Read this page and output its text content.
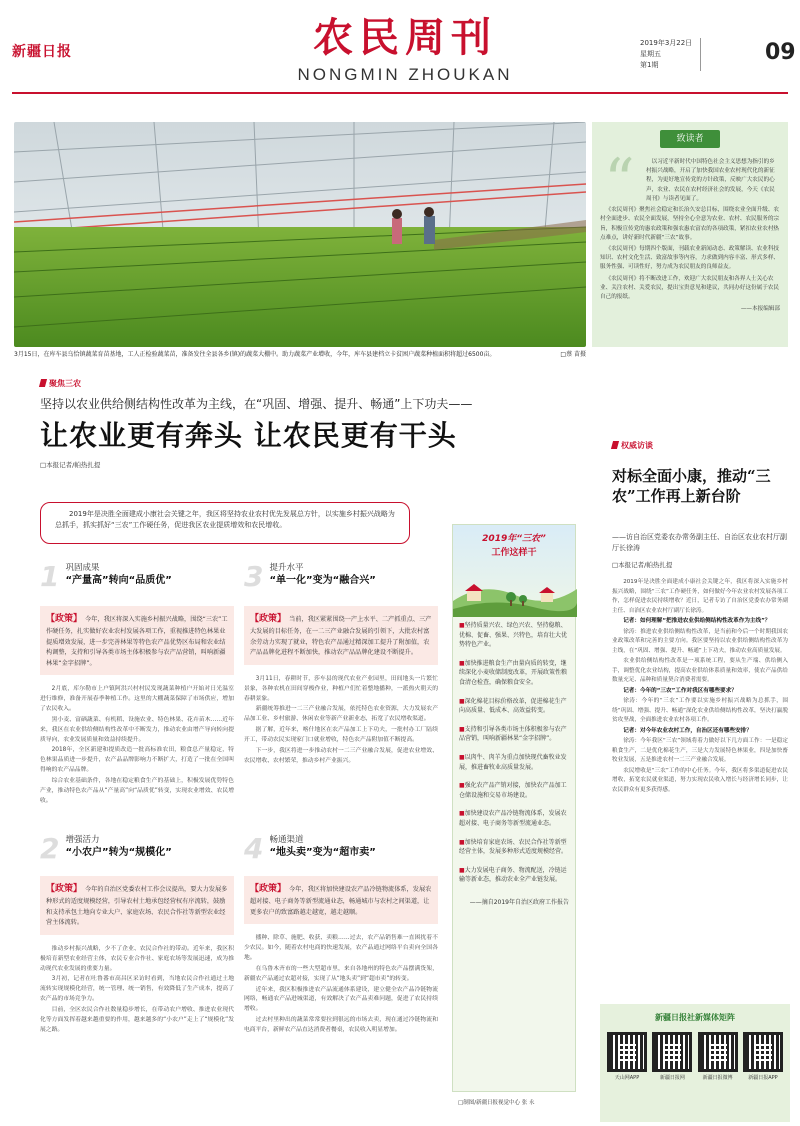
新疆日报	农民周刊
NONGMIN ZHOUKAN
2019年3月22日
星期五
第1期	09
3月15日，在库车县乌恰镇蔬菜育苗基地，工人正检验蔬菜苗，准备发往全县各乡(镇)的蔬菜大棚中。助力蔬菜产业增收，今年，库车县建档立卡贫困户蔬菜种植面积将超过6500亩。	□蔡 苗摄
致读者
“	以习近平新时代中国特色社会主义思想为指引的乡村振兴战略，开启了加快我国农业农村现代化的新征程，为更好地宣传党的方针政策，反映广大农民的心声，农业、农民在农村经济社会的发展，今天《农民周刊》与读者见面了。

《农民周刊》聚焦社会稳定和长治久安总目标，围绕农业全面升级、农村全面进步、农民全面发展，坚持全心全意为农业、农村、农民服务的宗旨，积极宣传党的惠农政策和强农惠农富农的各项政策，紧扣农业农村热点难点，讲好新时代新疆“三农”故事。

《农民周刊》每期四个版面，刊载农业新闻动态、政策解读、农业科技知识、农村文化生活、致富故事等内容，力求做到内容丰富、形式多样、服务性强、可读性好，努力成为农民朋友的良师益友。

《农民周刊》将不断改进工作，欢迎广大农民朋友和各界人士关心农业、关注农村、关爱农民，提出宝贵意见和建议，共同办好这份属于农民自己的报纸。

——本报编辑部
聚焦三农
坚持以农业供给侧结构性改革为主线，在“巩固、增强、提升、畅通”上下功夫——
让农业更有奔头 让农民更有干头
□本报记者/帕热扎提
2019年是决胜全面建成小康社会关键之年，我区将坚持农业农村优先发展总方针，以实施乡村振兴战略为总抓手，抓实抓好“三农”工作硬任务，促进我区农业提质增效和农民增收。
1 巩固成果
“产量高”转向“品质优”
【政策】 今年，我区将深入实施乡村振兴战略，围绕“三农”工作硬任务，扎实做好农业农村发展各项工作，重视推进特色林果业提质增效发展，进一步完善林果等特色农产品优势区布局和农业结构调整，支持和引导各类市场主体积极参与农产品营销，叫响新疆林果“金字招牌”。

2月底，库尔勒市上户镇阿洪兴村村民发现蔬菜种植户开始对日光温室进行维修，准备开展春季种植工作。这里的大棚蔬菜保障了市场供应，增加了农民收入。

黑小麦、富硒蔬菜、有机稻、设施农业、特色林果、花卉苗木……近年来，我区在农业供给侧结构性改革中不断发力，推动农业由增产导向转向提质导向，农业发展质量和效益持续提升。

2018年，全区新建和提质改造一批高标准农田，粮食总产量稳定，特色林果品质进一步提升，农产品品牌影响力不断扩大，打造了一批在全国叫得响的农产品品牌。

综合农业基础条件，各地在稳定粮食生产的基础上，积极发展优势特色产业，推动特色农产品从“产量高”向“品质优”转变，实现农业增效、农民增收。

3 提升水平
“单一化”变为“融合兴”
【政策】 当前，我区紧紧围绕一产上水平、二产抓重点、三产大发展的目标任务，在一二三产业融合发展的引领下，大批农村富余劳动力实现了就业，特色农产品通过精深加工提升了附加值，农产品品牌化进程不断加快，推动农产品品牌化建设不断提升。

3月11日，春耕时节，莎车县的现代农业产业园里，田间地头一片繁忙景象，各种农机在田间穿梭作业，种植户们忙着整地播种，一派热火朝天的春耕景象。

新疆统筹推进一二三产业融合发展，依托特色农业资源，大力发展农产品加工业、乡村旅游、休闲农业等新产业新业态，拓宽了农民增收渠道。

据了解，近年来，喀什地区在农产品加工上下功夫，一批村办工厂陆续开工，带动农民实现家门口就业增收，特色农产品附加值不断提高。

下一步，我区将进一步推动农村一二三产业融合发展，促进农业增效、农民增收、农村繁荣，推动乡村产业振兴。

2 增强活力
“小农户”转为“规模化”
【政策】 今年的自治区党委农村工作会议提出，要大力发展多种形式的适度规模经营，引导农村土地承包经营权有序流转，鼓励和支持承包土地向专业大户、家庭农场、农民合作社等新型农业经营主体流转。

推动乡村振兴战略，少不了企业、农民合作社的带动。近年来，我区积极培育新型农业经营主体，农民专业合作社、家庭农场等发展迅速，成为推动现代农业发展的重要力量。

3月初，记者在吐鲁番市高昌区采访时看到，当地农民合作社通过土地流转实现规模化经营，统一管理、统一销售，有效降低了生产成本，提高了农产品的市场竞争力。

目前，全区农民合作社数量稳步增长，在带动农户增收、推进农业现代化等方面发挥着越来越重要的作用，越来越多的“小农户”走上了“规模化”发展之路。

4 畅通渠道
“地头卖”变为“超市卖”
【政策】 今年，我区将加快建设农产品冷链物流体系，发展农超对接、电子商务等新型流通业态，畅通城市与农村之间渠道，让更多农户的致富路越走越宽，越走越顺。

播种、除草、施肥、收获、卖粮……过去，农产品销售难一直困扰着不少农民。如今，随着农村电商的快速发展，农产品通过网络平台卖向全国各地。

在乌鲁木齐市的一些大型超市里，来自各地州的特色农产品摆满货架，新疆农产品通过农超对接，实现了从“地头卖”到“超市卖”的转变。

近年来，我区积极推进农产品流通体系建设，建立健全农产品冷链物流网络，畅通农产品进城渠道，有效解决了农产品卖难问题，促进了农民持续增收。

过去村里种出的蔬菜常常要拉到很远的市场去卖，现在通过冷链物流和电商平台，新鲜农产品直达消费者餐桌，农民收入明显增加。

2019年“三农”
工作这样干
■坚持质量兴农、绿色兴农、坚持稳粮、优棉、促畜、强果、兴特色，培育壮大优势特色产业。
■加快推进粮食生产由量向质的转变，继续深化小麦收储制度改革，开展政策性粮食清仓检查，确保粮食安全。
■深化棉花目标价格改革，促进棉花生产向高质量、低成本、高效益转变。
■支持和引导各类市场主体积极参与农产品营销，叫响新疆林果“金字招牌”。
■以肉牛、肉羊为重点加快现代畜牧业发展，推进畜牧业高质量发展。
■强化农产品产销对接，加快农产品加工仓储设施和交易市场建设。
■加快建设农产品冷链物流体系，发展农超对接、电子商务等新型流通业态。
■加快培育家庭农场、农民合作社等新型经营主体，发展多种形式适度规模经营。
■大力发展电子商务、物流配送，冷链运输等新业态，推动农业全产业链发展。
——摘自2019年自治区政府工作报告
□制图/新疆日报视觉中心 张 永
权威访谈
对标全面小康，推动“三农”工作再上新台阶
——访自治区党委农办常务副主任、自治区农业农村厅副厅长徐涛
□本报记者/帕热扎提

2019年是决胜全面建成小康社会关键之年，我区将深入实施乡村振兴战略，围绕“三农”工作硬任务，如何做好今年农业农村发展各项工作，怎样促进农民持续增收？近日，记者专访了自治区党委农办常务副主任、自治区农业农村厅副厅长徐涛。

记者：如何理解“把推进农业供给侧结构性改革作为主线”？

徐涛：推进农业供给侧结构性改革，是当前和今后一个时期我国农业政策改革和完善的主要方向。我区要坚持以农业供给侧结构性改革为主线，在“巩固、增强、提升、畅通”上下功夫，推动农业高质量发展。

农业供给侧结构性改革是一项系统工程，要从生产端、供给侧入手，调整优化农业结构，提高农业供给体系质量和效率，使农产品供给数量充足、品种和质量契合消费者需要。

记者：今年的“三农”工作对我区有哪些要求？

徐涛：今年的“三农”工作要以实施乡村振兴战略为总抓手，围绕“巩固、增强、提升、畅通”深化农业供给侧结构性改革，坚决打赢脱贫攻坚战，全面推进农业农村各项工作。

记者：对今年农业农村工作，自治区还有哪些安排？

徐涛：今年我区“三农”领域将着力做好以下几方面工作：一是稳定粮食生产，二是优化棉花生产，三是大力发展特色林果业，四是加快畜牧业发展，五是推进农村一二三产业融合发展。

农民增收是“三农”工作的中心任务。今年，我区将多渠道促进农民增收，拓宽农民就业渠道，努力实现农民收入增长与经济增长同步，让农民群众有更多获得感。

新疆日报社新媒体矩阵
天山网APP	新疆日报网	新疆日报微博	新疆日报APP
